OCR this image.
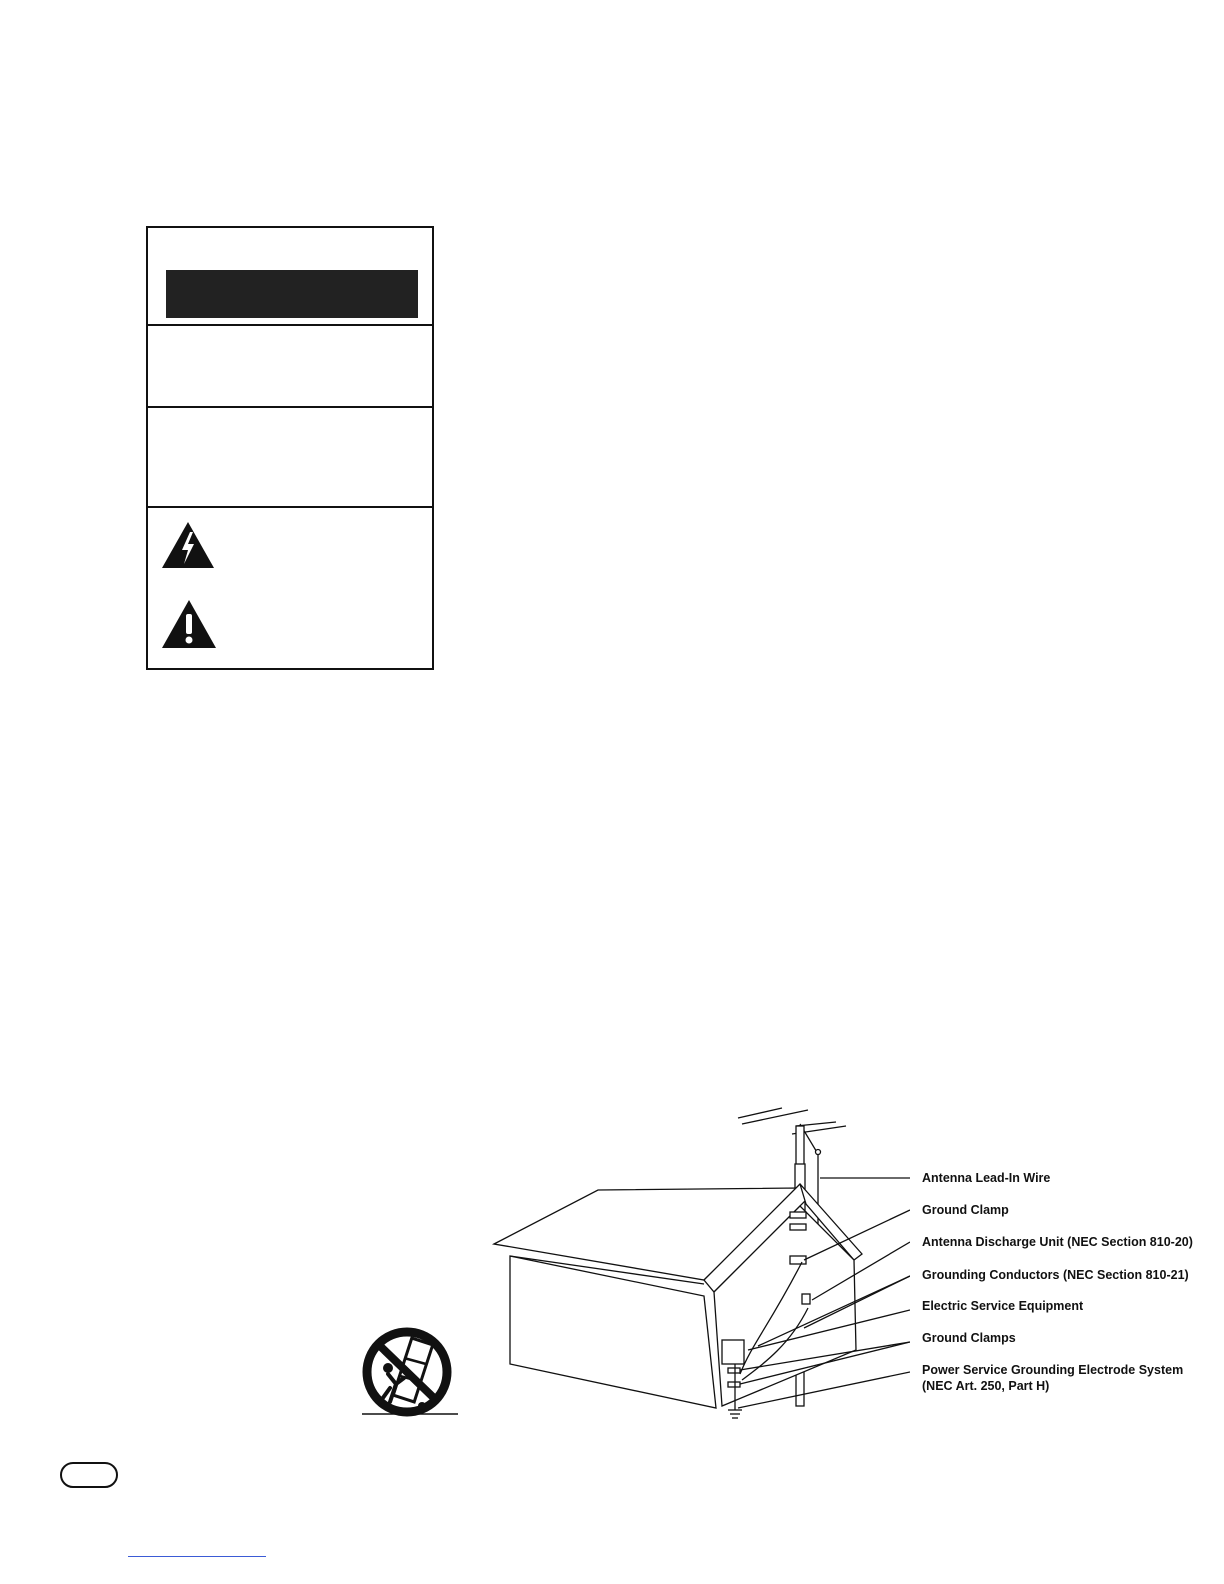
Antenna Lead-In Wire
Ground Clamp
Antenna Discharge Unit (NEC Section 810-20)
Grounding Conductors (NEC Section 810-21)
Electric Service Equipment
Ground Clamps
Power Service Grounding Electrode System
(NEC Art. 250, Part H)
